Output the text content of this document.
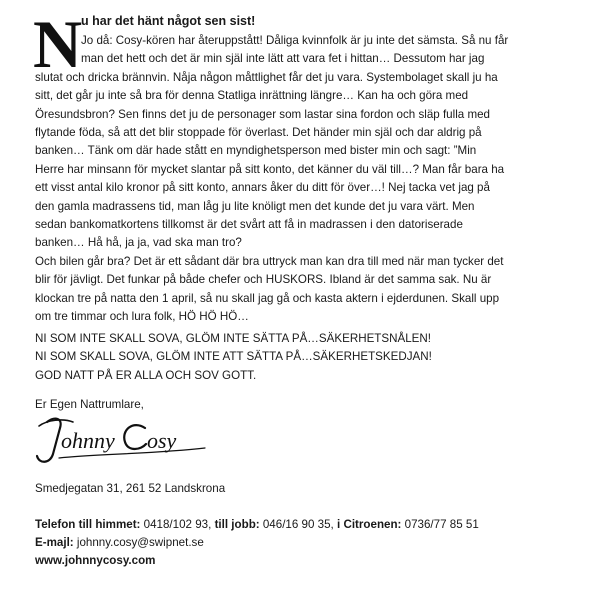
N
u har det hänt något sen sist!

Jo då: Cosy-kören har återuppstått! Dåliga kvinnfolk är ju inte det sämsta. Så nu får

man det hett och det är min själ inte lätt att vara fet i hittan… Dessutom har jag

slutat och dricka brännvin. Nåja någon måttlighet får det ju vara. Systembolaget skall ju ha

sitt, det går ju inte så bra för denna Statliga inrättning längre… Kan ha och göra med

Öresundsbron? Sen finns det ju de personager som lastar sina fordon och släp fulla med

flytande föda, så att det blir stoppade för överlast. Det händer min själ och dar aldrig på

banken… Tänk om där hade stått en myndighetsperson med bister min och sagt: ”Min

Herre har minsann för mycket slantar på sitt konto, det känner du väl till…? Man får bara ha

ett visst antal kilo kronor på sitt konto, annars åker du ditt för över…! Nej tacka vet jag på

den gamla madrassens tid, man låg ju lite knöligt men det kunde det ju vara värt. Men

sedan bankomatkortens tillkomst är det svårt att få in madrassen i den datoriserade

banken… Hå hå, ja ja, vad ska man tro?

Och bilen går bra? Det är ett sådant där bra uttryck man kan dra till med när man tycker det

blir för jävligt. Det funkar på både chefer och HUSKORS. Ibland är det samma sak. Nu är

klockan tre på natta den 1 april, så nu skall jag gå och kasta aktern i ejderdunen. Skall upp

om tre timmar och lura folk, HÖ HÖ HÖ…

NI SOM INTE SKALL SOVA, GLÖM INTE SÄTTA PÅ…SÄKERHETSNÅLEN!

NI SOM SKALL SOVA, GLÖM INTE ATT SÄTTA PÅ…SÄKERHETSKEDJAN!

GOD NATT PÅ ER ALLA OCH SOV GOTT.

Er Egen Nattrumlare,
ohnny osy
Smedjegatan 31, 261 52 Landskrona

Telefon till himmet: 0418/102 93, till jobb: 046/16 90 35, i Citroenen: 0736/77 85 51

E-majl: johnny.cosy@swipnet.se

www.johnnycosy.com
